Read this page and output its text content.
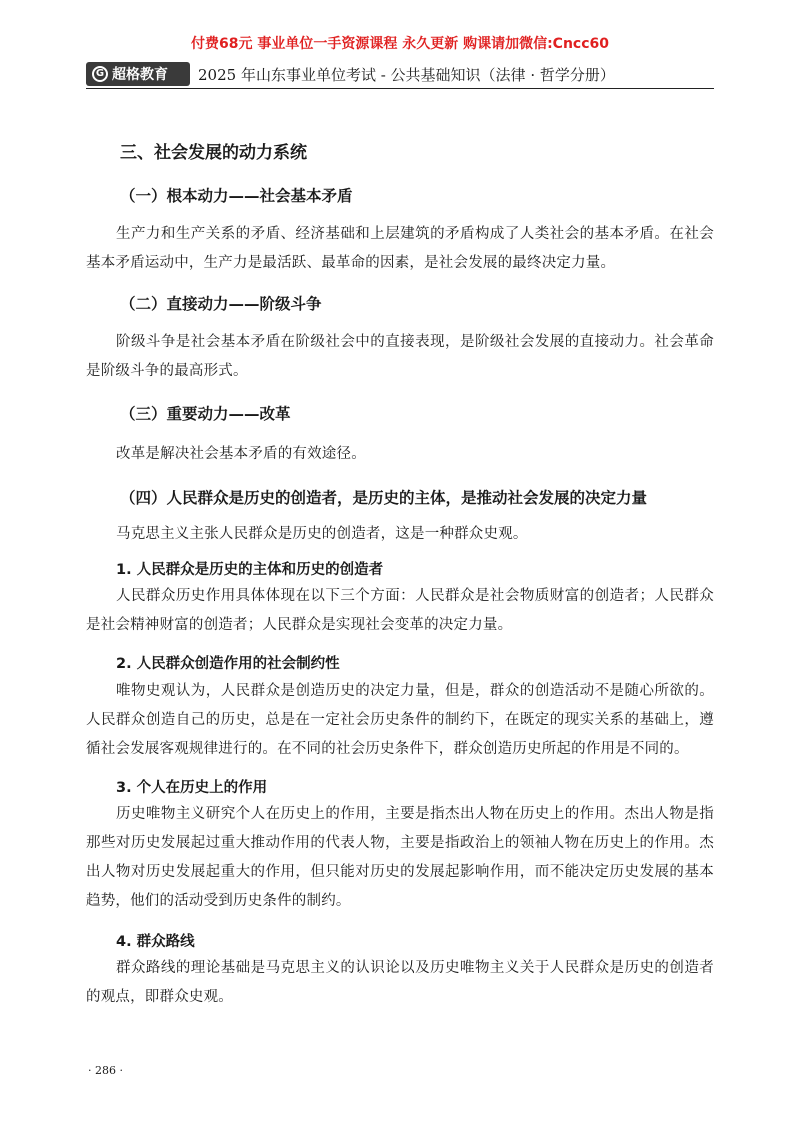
付费68元 事业单位一手资源课程 永久更新 购课请加微信:Cncc60
G 超格教育 2025 年山东事业单位考试 - 公共基础知识（法律 · 哲学分册）
三、社会发展的动力系统
（一）根本动力——社会基本矛盾
生产力和生产关系的矛盾、经济基础和上层建筑的矛盾构成了人类社会的基本矛盾。在社会基本矛盾运动中，生产力是最活跃、最革命的因素，是社会发展的最终决定力量。
（二）直接动力——阶级斗争
阶级斗争是社会基本矛盾在阶级社会中的直接表现，是阶级社会发展的直接动力。社会革命是阶级斗争的最高形式。
（三）重要动力——改革
改革是解决社会基本矛盾的有效途径。
（四）人民群众是历史的创造者，是历史的主体，是推动社会发展的决定力量
马克思主义主张人民群众是历史的创造者，这是一种群众史观。
1. 人民群众是历史的主体和历史的创造者
人民群众历史作用具体体现在以下三个方面：人民群众是社会物质财富的创造者；人民群众是社会精神财富的创造者；人民群众是实现社会变革的决定力量。
2. 人民群众创造作用的社会制约性
唯物史观认为，人民群众是创造历史的决定力量，但是，群众的创造活动不是随心所欲的。人民群众创造自己的历史，总是在一定社会历史条件的制约下，在既定的现实关系的基础上，遵循社会发展客观规律进行的。在不同的社会历史条件下，群众创造历史所起的作用是不同的。
3. 个人在历史上的作用
历史唯物主义研究个人在历史上的作用，主要是指杰出人物在历史上的作用。杰出人物是指那些对历史发展起过重大推动作用的代表人物，主要是指政治上的领袖人物在历史上的作用。杰出人物对历史发展起重大的作用，但只能对历史的发展起影响作用，而不能决定历史发展的基本趋势，他们的活动受到历史条件的制约。
4. 群众路线
群众路线的理论基础是马克思主义的认识论以及历史唯物主义关于人民群众是历史的创造者的观点，即群众史观。
· 286 ·
